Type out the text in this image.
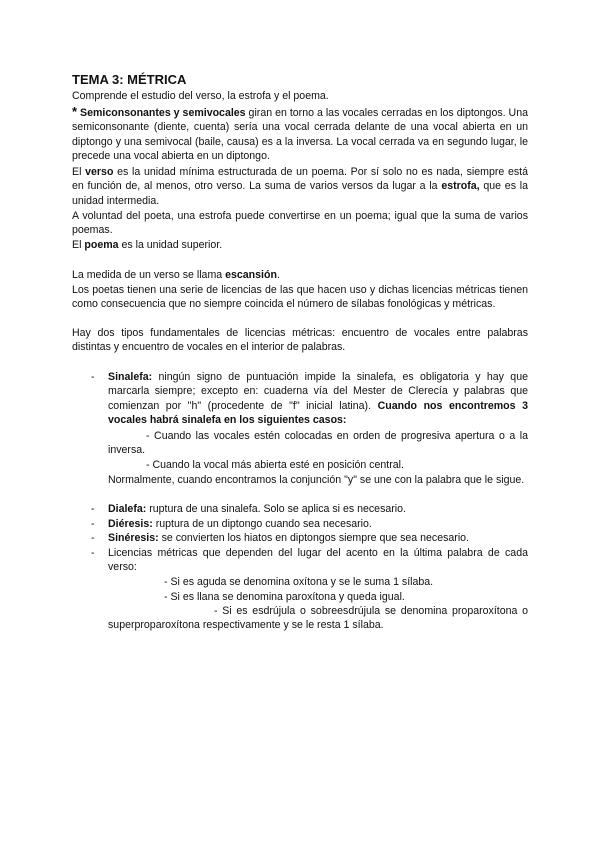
TEMA 3: MÉTRICA
Comprende el estudio del verso, la estrofa y el poema.
* Semiconsonantes y semivocales giran en torno a las vocales cerradas en los diptongos. Una semiconsonante (diente, cuenta) sería una vocal cerrada delante de una vocal abierta en un diptongo y una semivocal (baile, causa) es a la inversa. La vocal cerrada va en segundo lugar, le precede una vocal abierta en un diptongo.
El verso es la unidad mínima estructurada de un poema. Por sí solo no es nada, siempre está en función de, al menos, otro verso. La suma de varios versos da lugar a la estrofa, que es la unidad intermedia.
A voluntad del poeta, una estrofa puede convertirse en un poema; igual que la suma de varios poemas.
El poema es la unidad superior.
La medida de un verso se llama escansión.
Los poetas tienen una serie de licencias de las que hacen uso y dichas licencias métricas tienen como consecuencia que no siempre coincida el número de sílabas fonológicas y métricas.
Hay dos tipos fundamentales de licencias métricas: encuentro de vocales entre palabras distintas y encuentro de vocales en el interior de palabras.
- Sinalefa: ningún signo de puntuación impide la sinalefa, es obligatoria y hay que marcarla siempre; excepto en: cuaderna vía del Mester de Clerecía y palabras que comienzan por "h" (procedente de "f" inicial latina). Cuando nos encontremos 3 vocales habrá sinalefa en los siguientes casos:
- Cuando las vocales estén colocadas en orden de progresiva apertura o a la inversa.
- Cuando la vocal más abierta esté en posición central.
Normalmente, cuando encontramos la conjunción "y" se une con la palabra que le sigue.
- Dialefa: ruptura de una sinalefa. Solo se aplica si es necesario.
- Diéresis: ruptura de un diptongo cuando sea necesario.
- Sinéresis: se convierten los hiatos en diptongos siempre que sea necesario.
- Licencias métricas que dependen del lugar del acento en la última palabra de cada verso:
- Si es aguda se denomina oxítona y se le suma 1 sílaba.
- Si es llana se denomina paroxítona y queda igual.
- Si es esdrújula o sobreesdrújula se denomina proparoxítona o superproparoxítona respectivamente y se le resta 1 sílaba.
